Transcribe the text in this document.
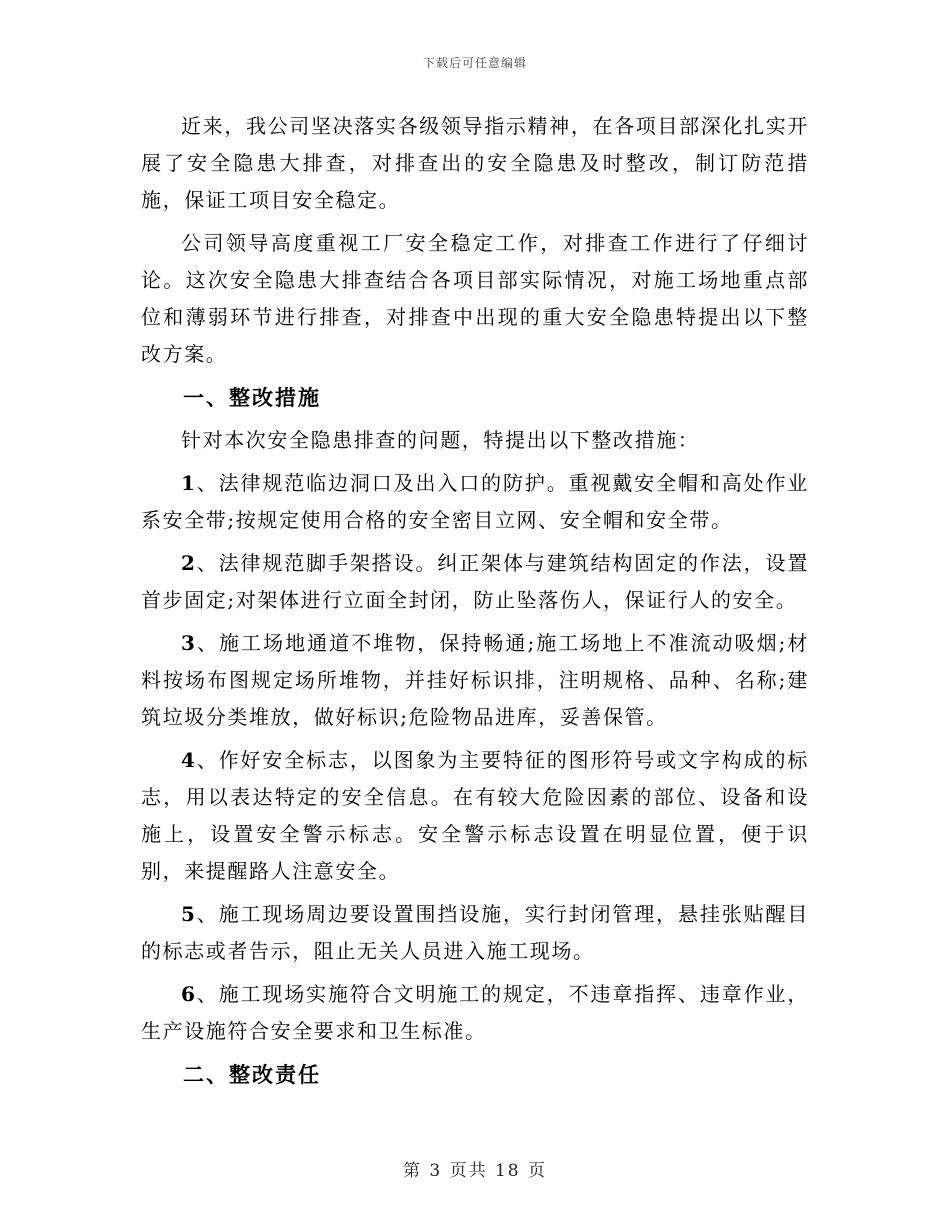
下载后可任意编辑

近来，我公司坚决落实各级领导指示精神，在各项目部深化扎实开展了安全隐患大排查，对排查出的安全隐患及时整改，制订防范措施，保证工项目安全稳定。

公司领导高度重视工厂安全稳定工作，对排查工作进行了仔细讨论。这次安全隐患大排查结合各项目部实际情况，对施工场地重点部位和薄弱环节进行排查，对排查中出现的重大安全隐患特提出以下整改方案。

一、整改措施

针对本次安全隐患排查的问题，特提出以下整改措施：

1、法律规范临边洞口及出入口的防护。重视戴安全帽和高处作业系安全带;按规定使用合格的安全密目立网、安全帽和安全带。

2、法律规范脚手架搭设。纠正架体与建筑结构固定的作法，设置首步固定;对架体进行立面全封闭，防止坠落伤人，保证行人的安全。

3、施工场地通道不堆物，保持畅通;施工场地上不准流动吸烟;材料按场布图规定场所堆物，并挂好标识排，注明规格、品种、名称;建筑垃圾分类堆放，做好标识;危险物品进库，妥善保管。

4、作好安全标志，以图象为主要特征的图形符号或文字构成的标志，用以表达特定的安全信息。在有较大危险因素的部位、设备和设施上，设置安全警示标志。安全警示标志设置在明显位置，便于识别，来提醒路人注意安全。

5、施工现场周边要设置围挡设施，实行封闭管理，悬挂张贴醒目的标志或者告示，阻止无关人员进入施工现场。

6、施工现场实施符合文明施工的规定，不违章指挥、违章作业，生产设施符合安全要求和卫生标准。

二、整改责任

第 3 页共 18 页
